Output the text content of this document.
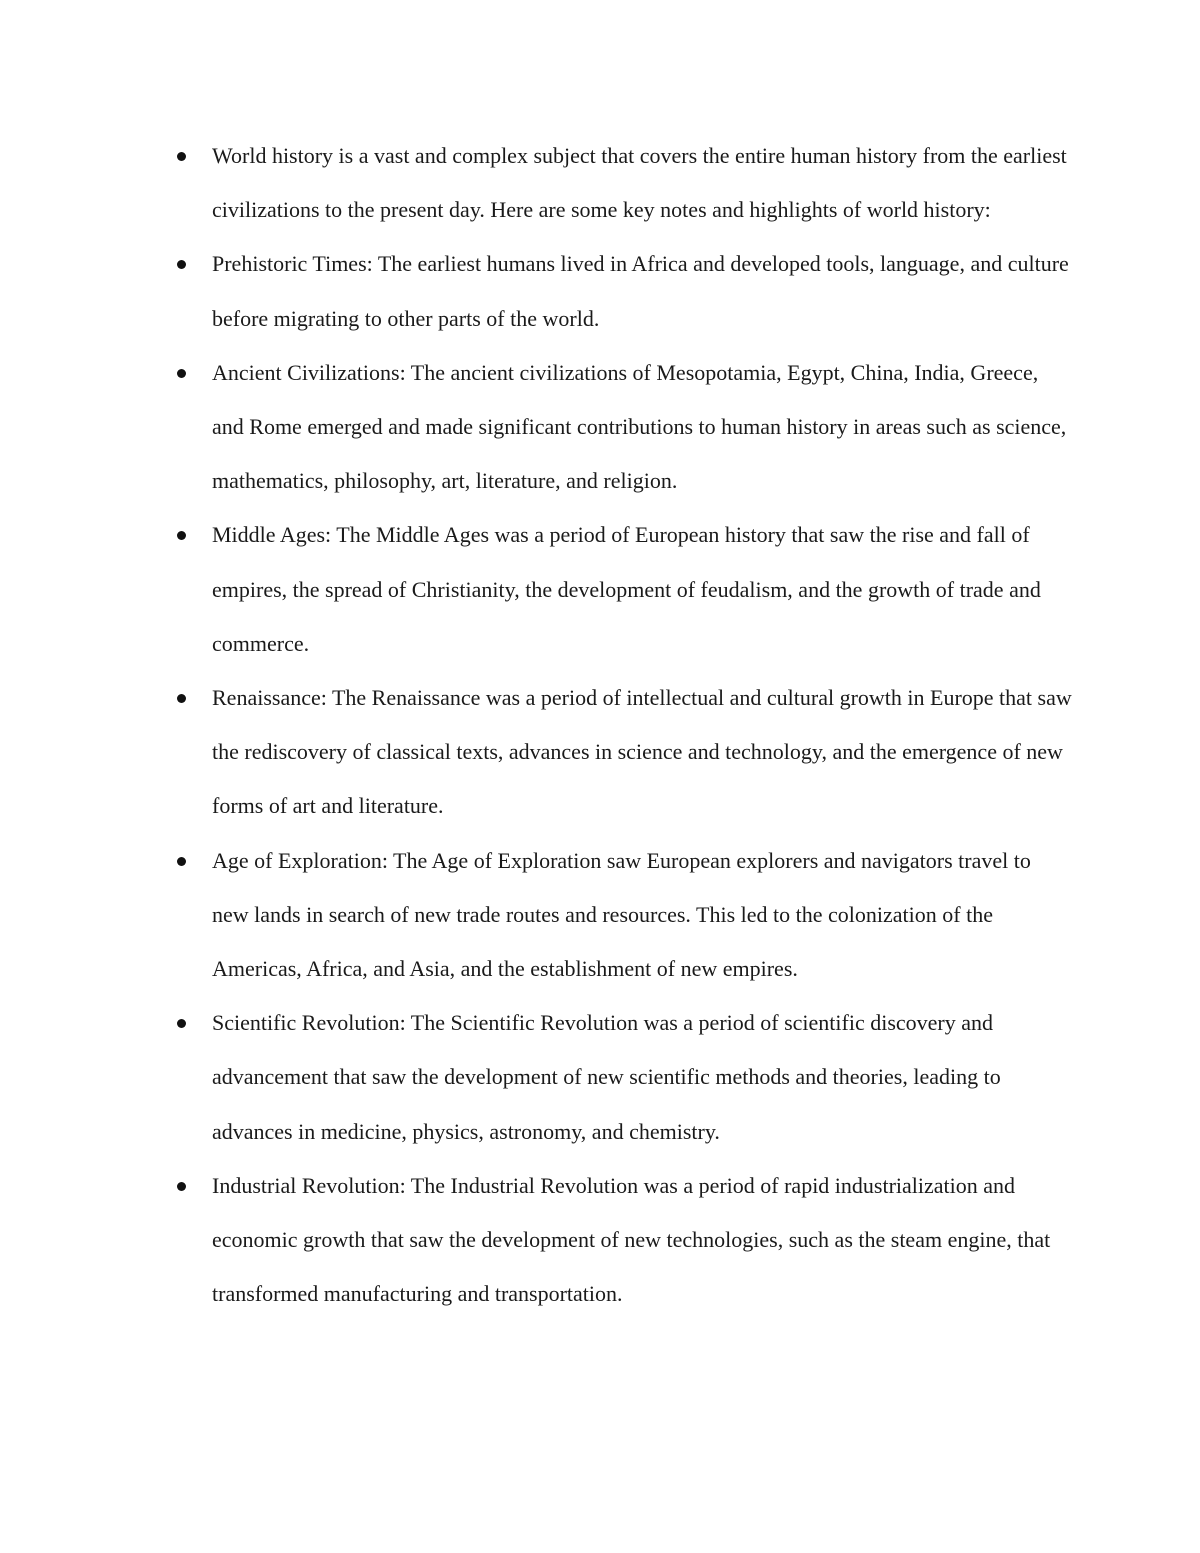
World history is a vast and complex subject that covers the entire human history from the earliest civilizations to the present day. Here are some key notes and highlights of world history:
Prehistoric Times: The earliest humans lived in Africa and developed tools, language, and culture before migrating to other parts of the world.
Ancient Civilizations: The ancient civilizations of Mesopotamia, Egypt, China, India, Greece, and Rome emerged and made significant contributions to human history in areas such as science, mathematics, philosophy, art, literature, and religion.
Middle Ages: The Middle Ages was a period of European history that saw the rise and fall of empires, the spread of Christianity, the development of feudalism, and the growth of trade and commerce.
Renaissance: The Renaissance was a period of intellectual and cultural growth in Europe that saw the rediscovery of classical texts, advances in science and technology, and the emergence of new forms of art and literature.
Age of Exploration: The Age of Exploration saw European explorers and navigators travel to new lands in search of new trade routes and resources. This led to the colonization of the Americas, Africa, and Asia, and the establishment of new empires.
Scientific Revolution: The Scientific Revolution was a period of scientific discovery and advancement that saw the development of new scientific methods and theories, leading to advances in medicine, physics, astronomy, and chemistry.
Industrial Revolution: The Industrial Revolution was a period of rapid industrialization and economic growth that saw the development of new technologies, such as the steam engine, that transformed manufacturing and transportation.
